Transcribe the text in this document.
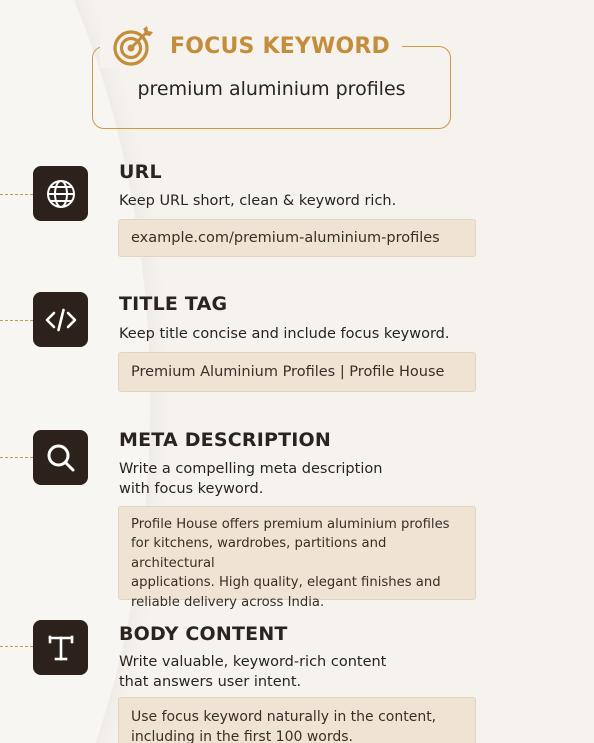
FOCUS KEYWORD
premium aluminium profiles
URL
Keep URL short, clean & keyword rich.
example.com/premium-aluminium-profiles
TITLE TAG
Keep title concise and include focus keyword.
Premium Aluminium Profiles | Profile House
META DESCRIPTION
Write a compelling meta description
with focus keyword.
Profile House offers premium aluminium profiles
for kitchens, wardrobes, partitions and architectural
applications. High quality, elegant finishes and
reliable delivery across India.
BODY CONTENT
Write valuable, keyword-rich content
that answers user intent.
Use focus keyword naturally in the content,
including in the first 100 words.
